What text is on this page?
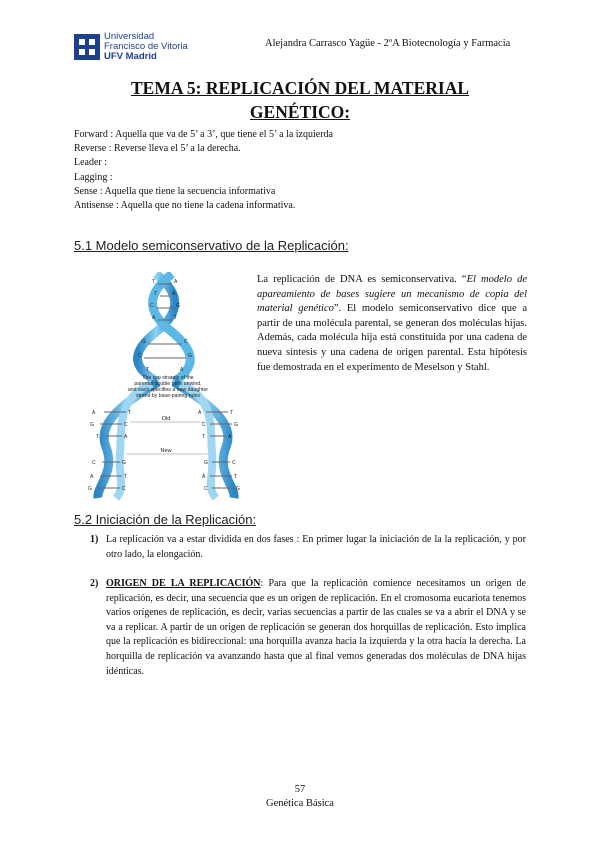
Universidad
Francisco de Vitoria
UFV Madrid
Alejandra Carrasco Yagüe - 2ºA Biotecnología y Farmacia
TEMA 5: REPLICACIÓN DEL MATERIAL
GENÉTICO:
Forward : Aquella que va de 5’ a 3’, que tiene el 5’ a la izquierda
Reverse : Reverse lleva el 5’ a la derecha.
Leader :
Lagging :
Sense : Aquella que tiene la secuencia informativa
Antisense : Aquella que no tiene la cadena informativa.
5.1 Modelo semiconservativo de la Replicación:
T	A
T	A
C	G
A	T
G	C
C	G
T	A
A	T
G	C
T	A
C	G
A	T
G	C
A	T
C	G
T	A
G	C
A	T
C	G
The two strands of the
parental double helix unwind,
and each specifies a new daughter
strand by base-pairing rules
Old
New
La replicación de DNA es semiconservativa. “El modelo de apareamiento de bases sugiere un mecanismo de copia del material genético”. El modelo semiconservativo dice que a partir de una molécula parental, se generan dos moléculas hijas. Además, cada molécula hija está constituida por una cadena de nueva síntesis y una cadena de origen parental. Esta hipótesis fue demostrada en el experimento de Meselson y Stahl.
5.2 Iniciación de la Replicación:
1) La replicación va a estar dividida en dos fases : En primer lugar la iniciación de la la replicación, y por otro lado, la elongación.
2) ORIGEN DE LA REPLICACIÓN: Para que la replicación comience necesitamos un origen de replicación, es decir, una secuencia que es un origen de replicación. En el cromosoma eucariota tenemos varios orígenes de replicación, es decir, varias secuencias a partir de las cuales se va a abrir el DNA y se va a replicar. A partir de un origen de replicación se generan dos horquillas de replicación. Esto implica que la replicación es bidireccional: una horquilla avanza hacia la izquierda y la otra hacia la derecha. La horquilla de replicación va avanzando hasta que al final vemos generadas dos moléculas de DNA hijas idénticas.
57
Genética Básica
